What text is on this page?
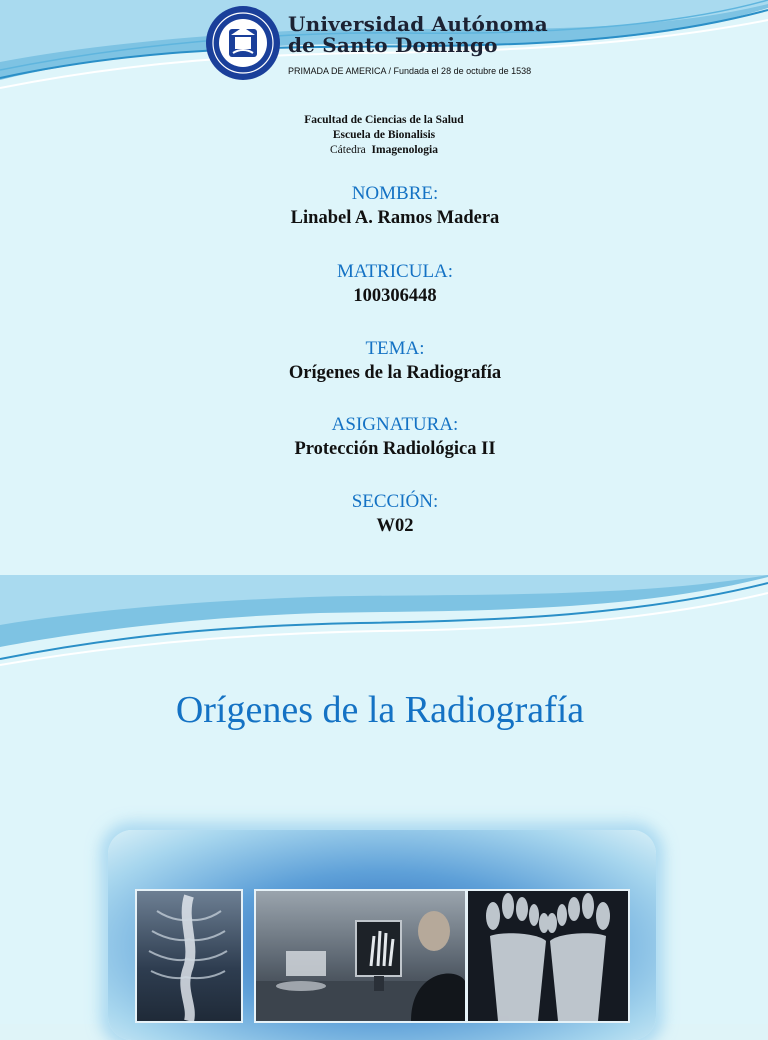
Universidad Autónoma
de Santo Domingo
PRIMADA DE AMERICA / Fundada el 28 de octubre de 1538
Facultad de Ciencias de la Salud
Escuela de Bionalisis
Cátedra Imagenologia
NOMBRE:
Linabel A. Ramos Madera
MATRICULA:
100306448
TEMA:
Orígenes de la Radiografía
ASIGNATURA:
Protección Radiológica II
SECCIÓN:
W02
Orígenes de la Radiografía
